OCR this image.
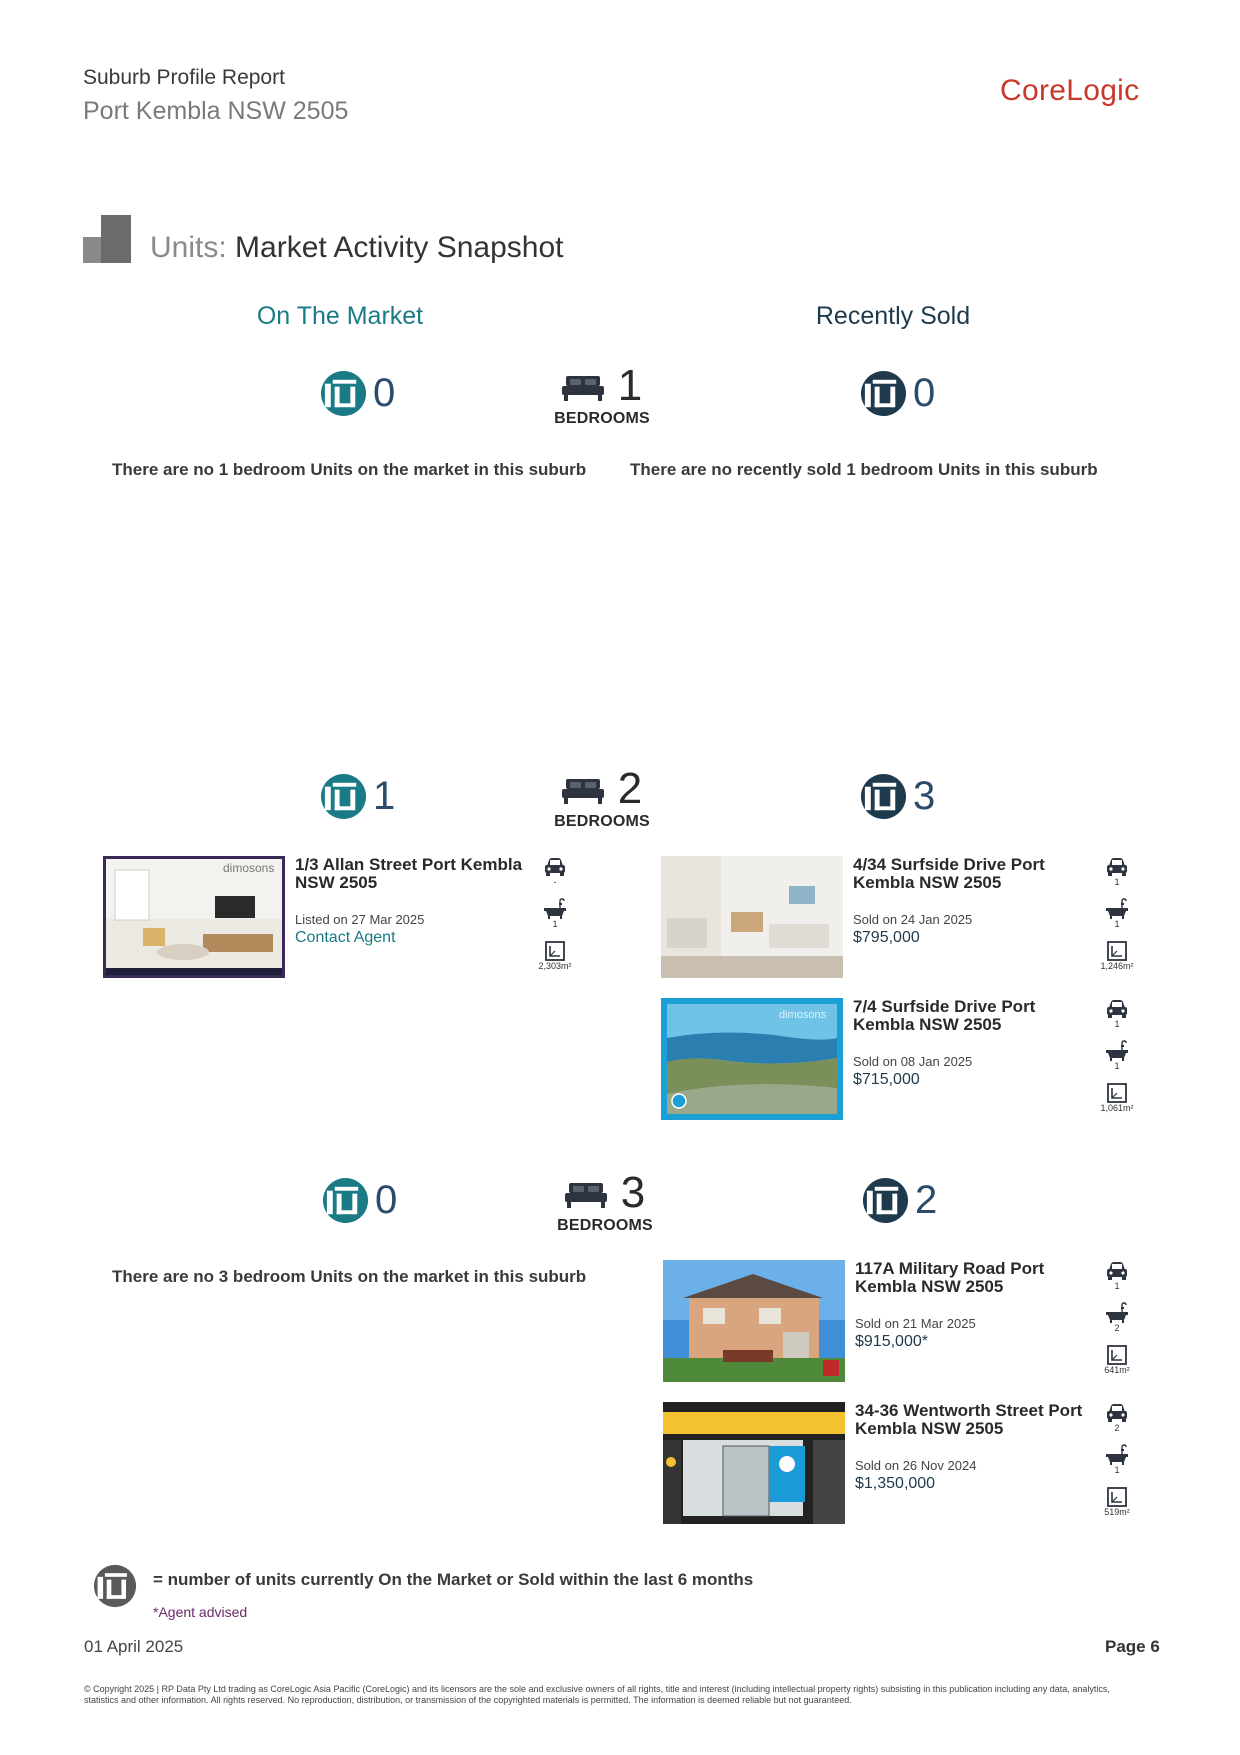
Suburb Profile Report
Port Kembla NSW 2505
CoreLogic
Units: Market Activity Snapshot
On The Market	Recently Sold
0	1
BEDROOMS
0
There are no 1 bedroom Units on the market in this suburb	There are no recently sold 1 bedroom Units in this suburb
1	2
BEDROOMS
3
dimosons 1/3 Allan Street Port Kembla NSW 2505
Listed on 27 Mar 2025
Contact Agent
-
1
2,303m²
4/34 Surfside Drive Port Kembla NSW 2505
Sold on 24 Jan 2025
$795,000
1
1
1,246m²
dimosons 7/4 Surfside Drive Port Kembla NSW 2505
Sold on 08 Jan 2025
$715,000
1
1
1,061m²
0	3
BEDROOMS
2
There are no 3 bedroom Units on the market in this suburb	117A Military Road Port Kembla NSW 2505
Sold on 21 Mar 2025
$915,000*
1
2
641m²
34-36 Wentworth Street Port Kembla NSW 2505
Sold on 26 Nov 2024
$1,350,000
2
1
519m²
= number of units currently On the Market or Sold within the last 6 months
*Agent advised
01 April 2025	Page 6
© Copyright 2025 | RP Data Pty Ltd trading as CoreLogic Asia Pacific (CoreLogic) and its licensors are the sole and exclusive owners of all rights, title and interest (including intellectual property rights) subsisting in this publication including any data, analytics, statistics and other information. All rights reserved. No reproduction, distribution, or transmission of the copyrighted materials is permitted. The information is deemed reliable but not guaranteed.
